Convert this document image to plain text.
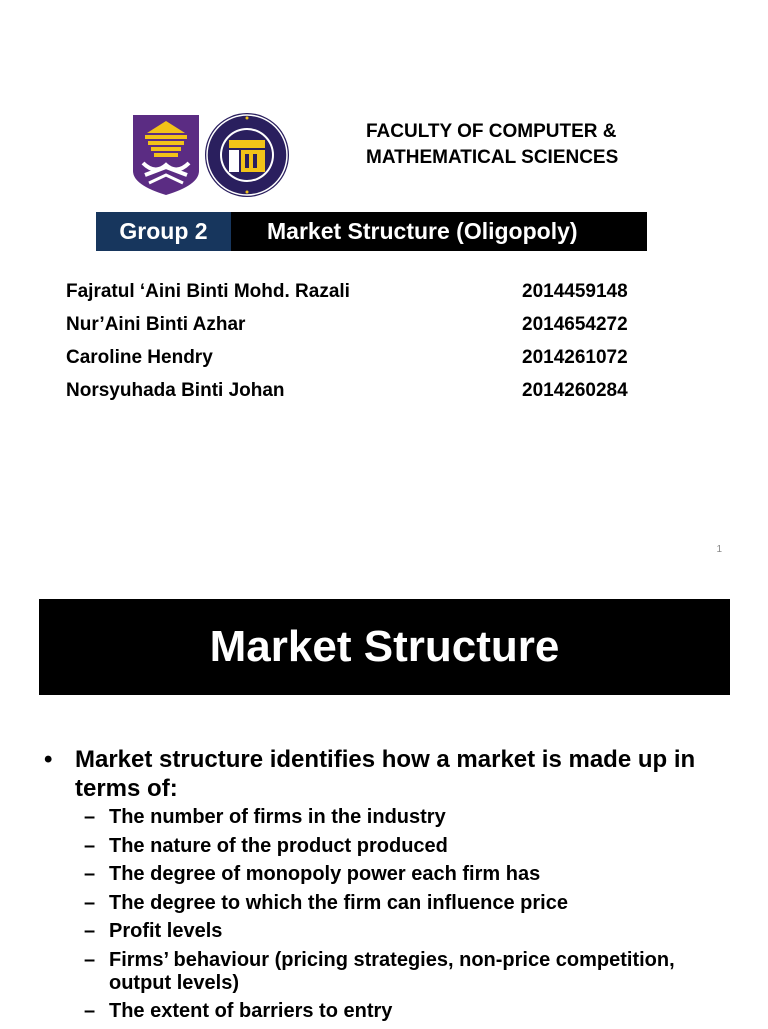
FACULTY OF COMPUTER &
MATHEMATICAL SCIENCES
Group 2	Market Structure (Oligopoly)
Fajratul ‘Aini Binti Mohd. Razali	2014459148
Nur’Aini Binti Azhar	2014654272
Caroline Hendry	2014261072
Norsyuhada Binti Johan	2014260284
1
Market Structure
• Market structure identifies how a market is made up in terms of:
– The number of firms in the industry
– The nature of the product produced
– The degree of monopoly power each firm has
– The degree to which the firm can influence price
– Profit levels
– Firms’ behaviour (pricing strategies, non-price competition, output levels)
– The extent of barriers to entry
